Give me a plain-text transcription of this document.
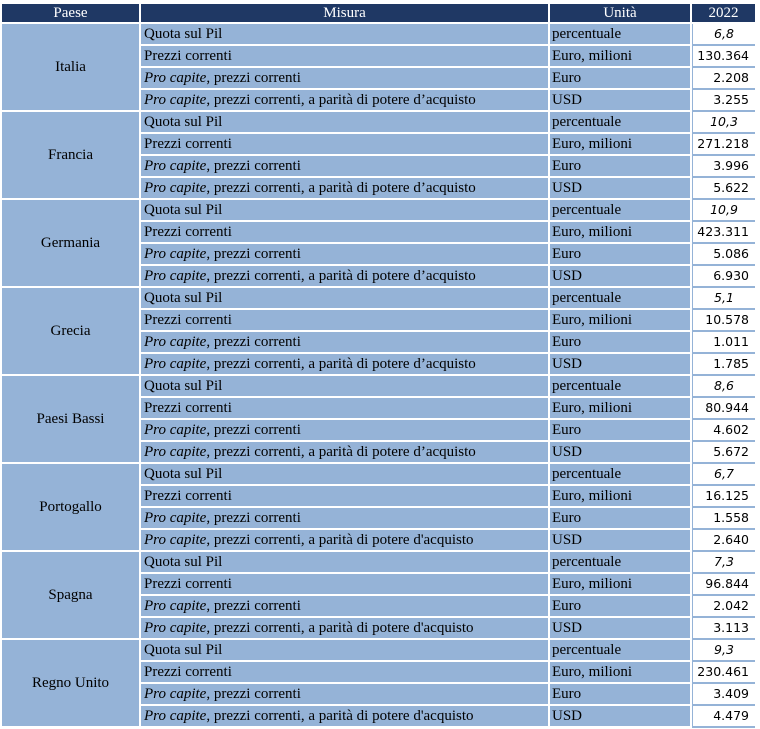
Paese	Misura	Unità	2022
Italia	Quota sul Pil	percentuale	6,8
	Prezzi correnti	Euro, milioni	130.364
	Pro capite, prezzi correnti	Euro	2.208
	Pro capite, prezzi correnti, a parità di potere d’acquisto	USD	3.255
Francia	Quota sul Pil	percentuale	10,3
	Prezzi correnti	Euro, milioni	271.218
	Pro capite, prezzi correnti	Euro	3.996
	Pro capite, prezzi correnti, a parità di potere d’acquisto	USD	5.622
Germania	Quota sul Pil	percentuale	10,9
	Prezzi correnti	Euro, milioni	423.311
	Pro capite, prezzi correnti	Euro	5.086
	Pro capite, prezzi correnti, a parità di potere d’acquisto	USD	6.930
Grecia	Quota sul Pil	percentuale	5,1
	Prezzi correnti	Euro, milioni	10.578
	Pro capite, prezzi correnti	Euro	1.011
	Pro capite, prezzi correnti, a parità di potere d’acquisto	USD	1.785
Paesi Bassi	Quota sul Pil	percentuale	8,6
	Prezzi correnti	Euro, milioni	80.944
	Pro capite, prezzi correnti	Euro	4.602
	Pro capite, prezzi correnti, a parità di potere d’acquisto	USD	5.672
Portogallo	Quota sul Pil	percentuale	6,7
	Prezzi correnti	Euro, milioni	16.125
	Pro capite, prezzi correnti	Euro	1.558
	Pro capite, prezzi correnti, a parità di potere d'acquisto	USD	2.640
Spagna	Quota sul Pil	percentuale	7,3
	Prezzi correnti	Euro, milioni	96.844
	Pro capite, prezzi correnti	Euro	2.042
	Pro capite, prezzi correnti, a parità di potere d'acquisto	USD	3.113
Regno Unito	Quota sul Pil	percentuale	9,3
	Prezzi correnti	Euro, milioni	230.461
	Pro capite, prezzi correnti	Euro	3.409
	Pro capite, prezzi correnti, a parità di potere d'acquisto	USD	4.479
